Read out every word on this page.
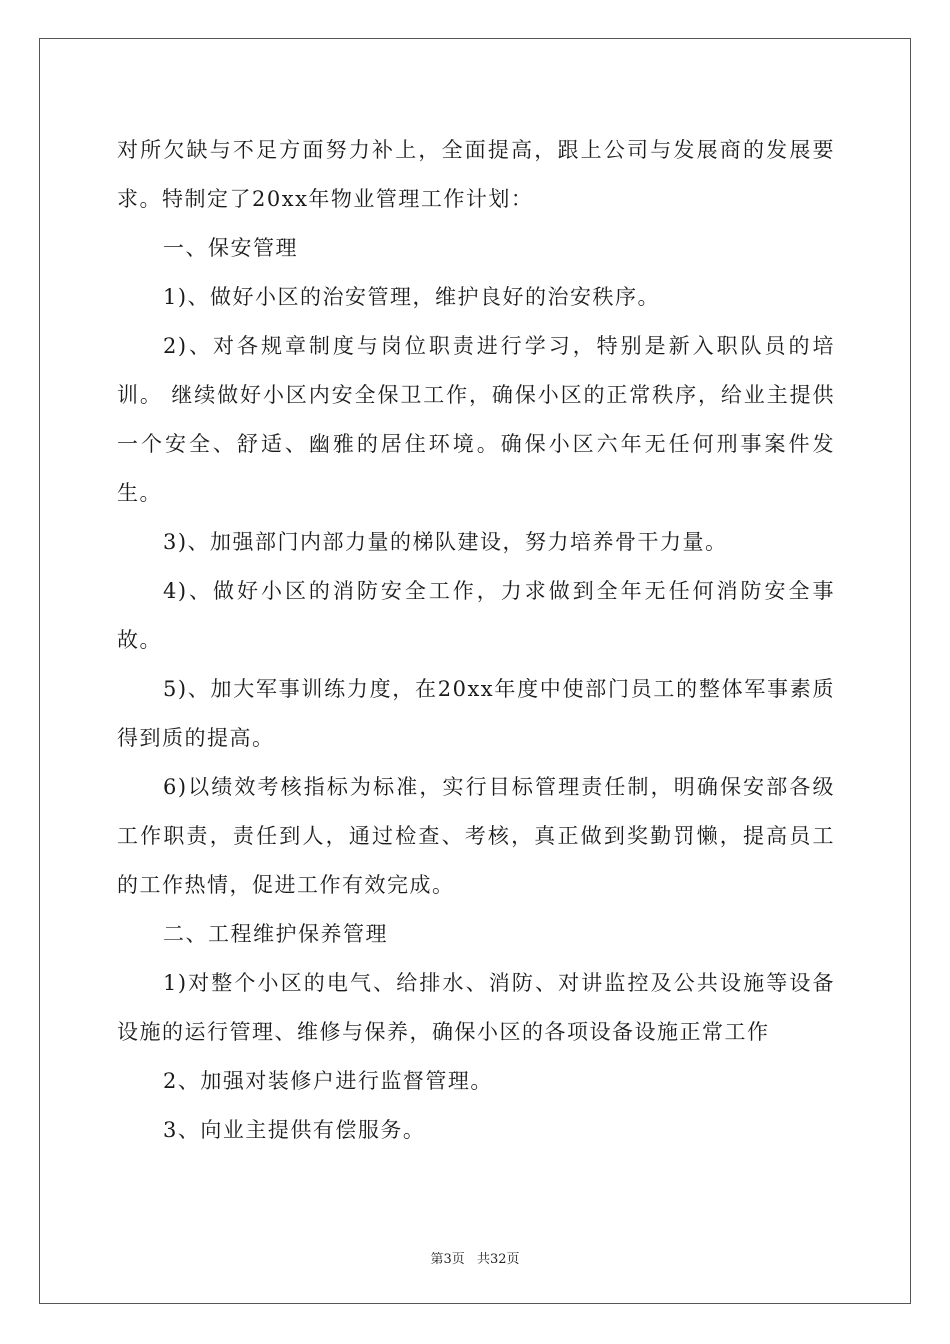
对所欠缺与不足方面努力补上，全面提高，跟上公司与发展商的发展要求。特制定了20xx年物业管理工作计划：

一、保安管理

1)、做好小区的治安管理，维护良好的治安秩序。

2)、对各规章制度与岗位职责进行学习，特别是新入职队员的培训。 继续做好小区内安全保卫工作，确保小区的正常秩序，给业主提供一个安全、舒适、幽雅的居住环境。确保小区六年无任何刑事案件发生。

3)、加强部门内部力量的梯队建设，努力培养骨干力量。

4)、做好小区的消防安全工作，力求做到全年无任何消防安全事故。

5)、加大军事训练力度，在20xx年度中使部门员工的整体军事素质得到质的提高。

6)以绩效考核指标为标准，实行目标管理责任制，明确保安部各级工作职责，责任到人，通过检查、考核，真正做到奖勤罚懒，提高员工的工作热情，促进工作有效完成。

二、工程维护保养管理

1)对整个小区的电气、给排水、消防、对讲监控及公共设施等设备设施的运行管理、维修与保养，确保小区的各项设备设施正常工作

2、加强对装修户进行监督管理。

3、向业主提供有偿服务。

第3页 共32页
